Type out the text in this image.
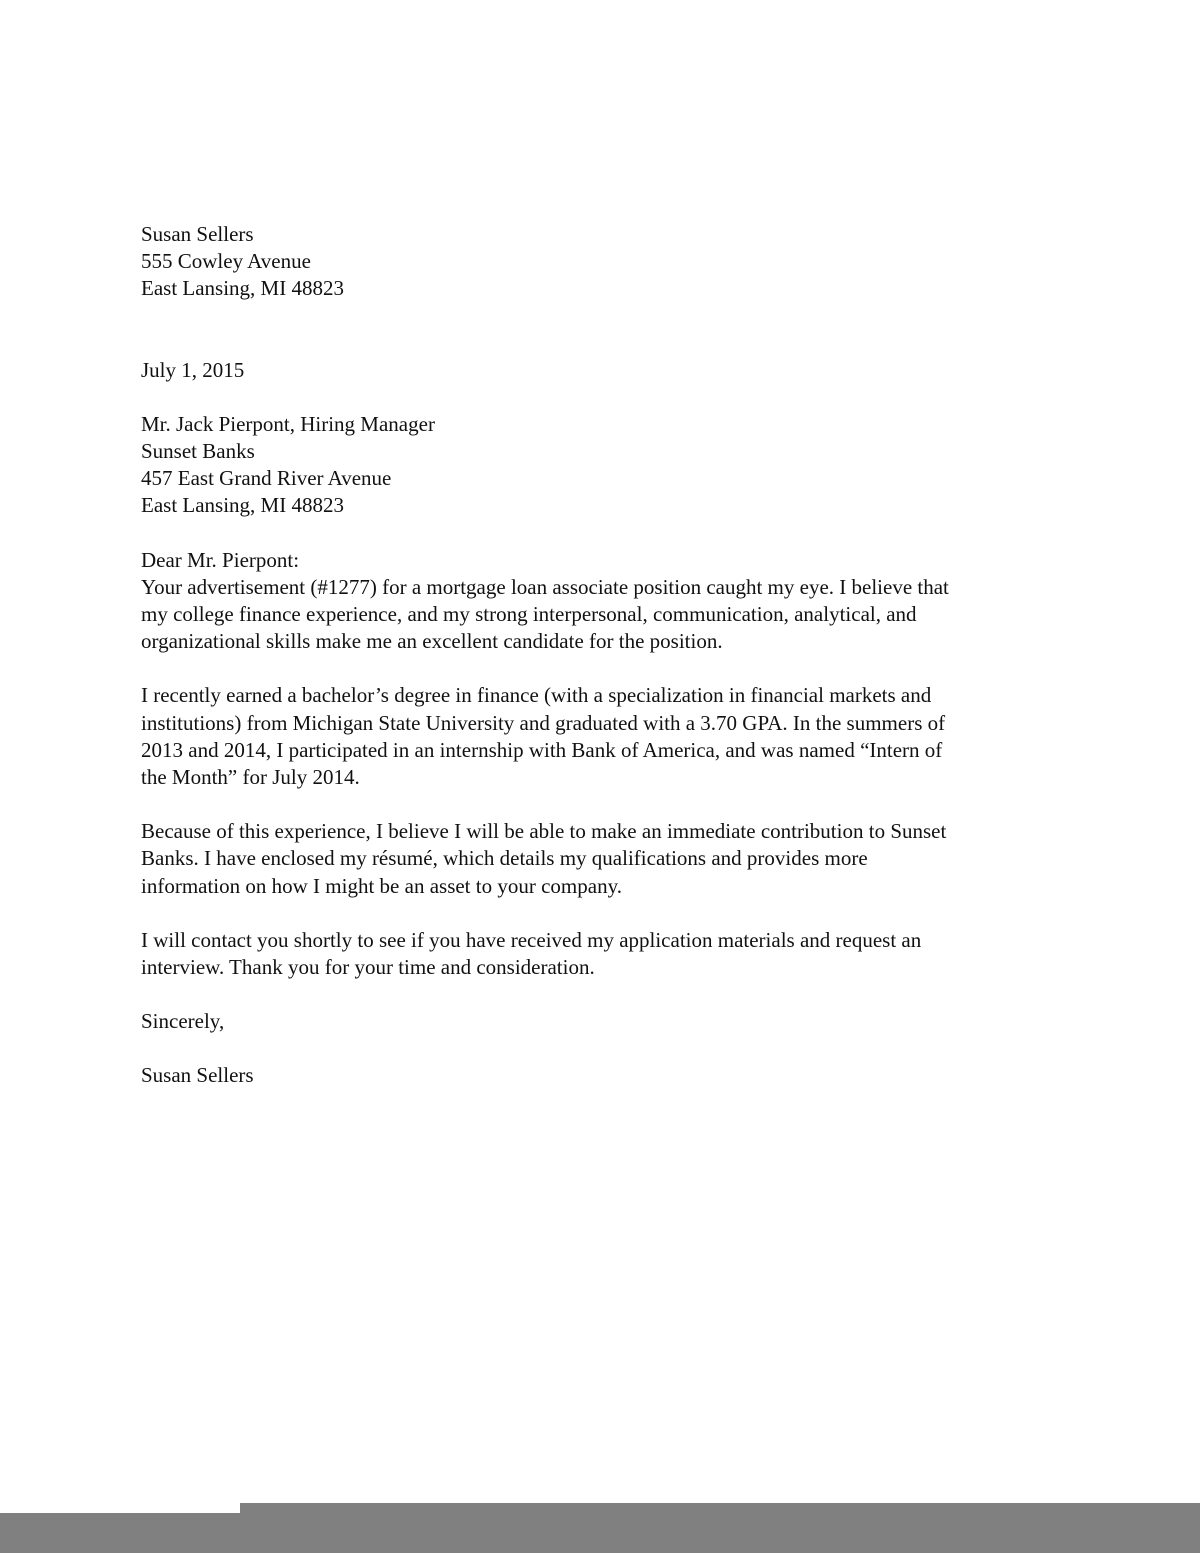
Susan Sellers
555 Cowley Avenue
East Lansing, MI 48823
July 1, 2015
Mr. Jack Pierpont, Hiring Manager
Sunset Banks
457 East Grand River Avenue
East Lansing, MI 48823
Dear Mr. Pierpont:
Your advertisement (#1277) for a mortgage loan associate position caught my eye. I believe that
my college finance experience, and my strong interpersonal, communication, analytical, and
organizational skills make me an excellent candidate for the position.
I recently earned a bachelor’s degree in finance (with a specialization in financial markets and
institutions) from Michigan State University and graduated with a 3.70 GPA. In the summers of
2013 and 2014, I participated in an internship with Bank of America, and was named “Intern of
the Month” for July 2014.
Because of this experience, I believe I will be able to make an immediate contribution to Sunset
Banks. I have enclosed my résumé, which details my qualifications and provides more
information on how I might be an asset to your company.
I will contact you shortly to see if you have received my application materials and request an
interview. Thank you for your time and consideration.
Sincerely,
Susan Sellers
